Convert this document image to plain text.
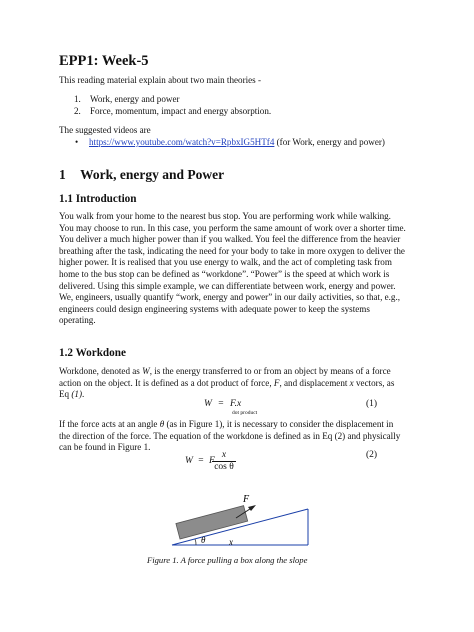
EPP1: Week-5
This reading material explain about two main theories -
1. Work, energy and power
2. Force, momentum, impact and energy absorption.
The suggested videos are
• https://www.youtube.com/watch?v=RpbxIG5HTf4 (for Work, energy and power)
1 Work, energy and Power
1.1 Introduction
You walk from your home to the nearest bus stop. You are performing work while walking.
You may choose to run. In this case, you perform the same amount of work over a shorter time.
You deliver a much higher power than if you walked. You feel the difference from the heavier
breathing after the task, indicating the need for your body to take in more oxygen to deliver the
higher power. It is realised that you use energy to walk, and the act of completing task from
home to the bus stop can be defined as “workdone”. “Power” is the speed at which work is
delivered. Using this simple example, we can differentiate between work, energy and power.
We, engineers, usually quantify “work, energy and power” in our daily activities, so that, e.g.,
engineers could design engineering systems with adequate power to keep the systems
operating.
1.2 Workdone
Workdone, denoted as W, is the energy transferred to or from an object by means of a force
action on the object. It is defined as a dot product of force, F, and displacement x vectors, as
Eq (1).
W = F.x
dot product
(1)
If the force acts at an angle θ (as in Figure 1), it is necessary to consider the displacement in
the direction of the force. The equation of the workdone is defined as in Eq (2) and physically
can be found in Figure 1.
W = F
x
cos θ
(2)
F
θ	x
Figure 1. A force pulling a box along the slope
